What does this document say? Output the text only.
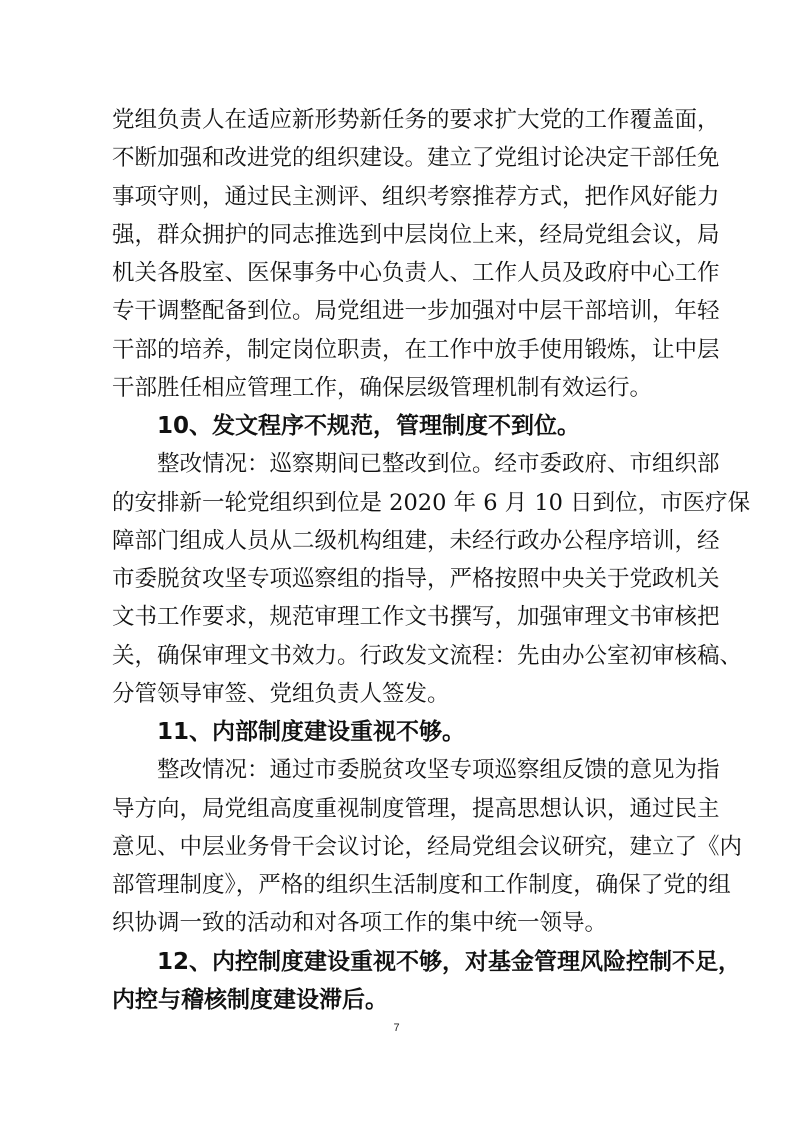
党组负责人在适应新形势新任务的要求扩大党的工作覆盖面，
不断加强和改进党的组织建设。建立了党组讨论决定干部任免
事项守则，通过民主测评、组织考察推荐方式，把作风好能力
强，群众拥护的同志推选到中层岗位上来，经局党组会议，局
机关各股室、医保事务中心负责人、工作人员及政府中心工作
专干调整配备到位。局党组进一步加强对中层干部培训，年轻
干部的培养，制定岗位职责，在工作中放手使用锻炼，让中层
干部胜任相应管理工作，确保层级管理机制有效运行。
10、发文程序不规范，管理制度不到位。
整改情况：巡察期间已整改到位。经市委政府、市组织部
的安排新一轮党组织到位是 2020 年 6 月 10 日到位，市医疗保
障部门组成人员从二级机构组建，未经行政办公程序培训，经
市委脱贫攻坚专项巡察组的指导，严格按照中央关于党政机关
文书工作要求，规范审理工作文书撰写，加强审理文书审核把
关，确保审理文书效力。行政发文流程：先由办公室初审核稿、
分管领导审签、党组负责人签发。
11、内部制度建设重视不够。
整改情况：通过市委脱贫攻坚专项巡察组反馈的意见为指
导方向，局党组高度重视制度管理，提高思想认识，通过民主
意见、中层业务骨干会议讨论，经局党组会议研究，建立了《内
部管理制度》，严格的组织生活制度和工作制度，确保了党的组
织协调一致的活动和对各项工作的集中统一领导。
12、内控制度建设重视不够，对基金管理风险控制不足，
内控与稽核制度建设滞后。
7
